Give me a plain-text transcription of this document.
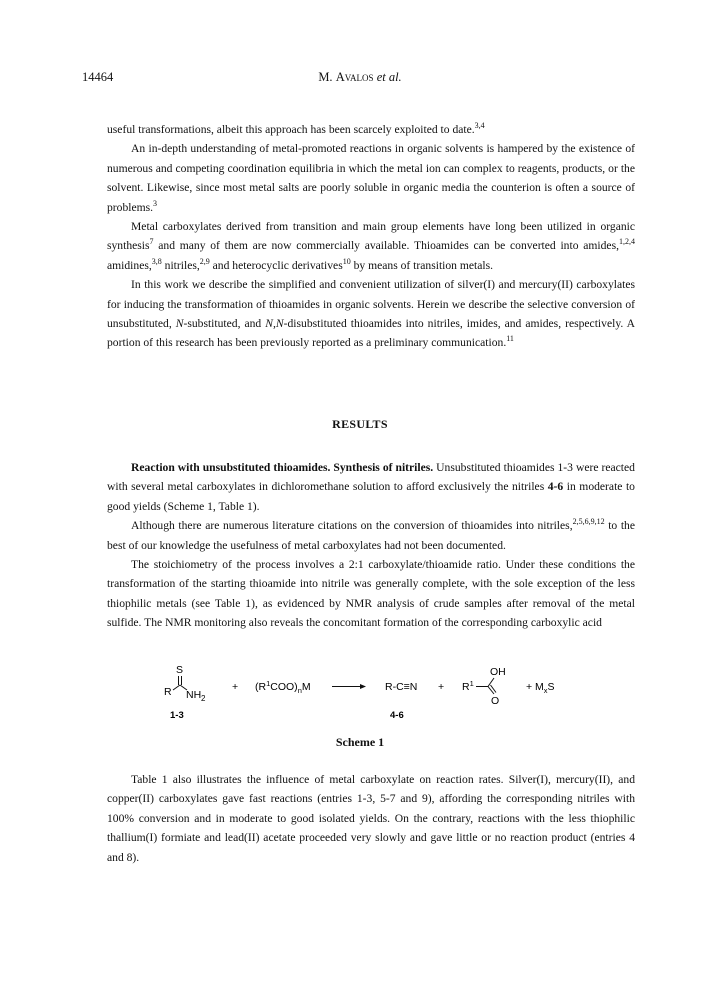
14464	M. Avalos et al.

useful transformations, albeit this approach has been scarcely exploited to date.$^{3,4}$

An in-depth understanding of metal-promoted reactions in organic solvents is hampered by the existence of numerous and competing coordination equilibria in which the metal ion can complex to reagents, products, or the solvent. Likewise, since most metal salts are poorly soluble in organic media the counterion is often a source of problems.$^3$

Metal carboxylates derived from transition and main group elements have long been utilized in organic synthesis$^7$ and many of them are now commercially available. Thioamides can be converted into amides,$^{1,2,4}$ amidines,$^{3,8}$ nitriles,$^{2,9}$ and heterocyclic derivatives$^{10}$ by means of transition metals.

In this work we describe the simplified and convenient utilization of silver(I) and mercury(II) carboxylates for inducing the transformation of thioamides in organic solvents. Herein we describe the selective conversion of unsubstituted, N-substituted, and N,N-disubstituted thioamides into nitriles, imides, and amides, respectively. A portion of this research has been previously reported as a preliminary communication.$^{11}$

RESULTS

Reaction with unsubstituted thioamides. Synthesis of nitriles. Unsubstituted thioamides 1-3 were reacted with several metal carboxylates in dichloromethane solution to afford exclusively the nitriles 4-6 in moderate to good yields (Scheme 1, Table 1).

Although there are numerous literature citations on the conversion of thioamides into nitriles,$^{2,5,6,9,12}$ to the best of our knowledge the usefulness of metal carboxylates had not been documented.

The stoichiometry of the process involves a 2:1 carboxylate/thioamide ratio. Under these conditions the transformation of the starting thioamide into nitrile was generally complete, with the sole exception of the less thiophilic metals (see Table 1), as evidenced by NMR analysis of crude samples after removal of the metal sulfide. The NMR monitoring also reveals the concomitant formation of the corresponding carboxylic acid

S
R NH 2
1-3
+ $(R^1COO)_nM$	R-C≡N
4-6
+ $R^1$
OH
O
+ $M_xS$
Scheme 1

Table 1 also illustrates the influence of metal carboxylate on reaction rates. Silver(I), mercury(II), and copper(II) carboxylates gave fast reactions (entries 1-3, 5-7 and 9), affording the corresponding nitriles with 100% conversion and in moderate to good isolated yields. On the contrary, reactions with the less thiophilic thallium(I) formiate and lead(II) acetate proceeded very slowly and gave little or no reaction product (entries 4 and 8).
